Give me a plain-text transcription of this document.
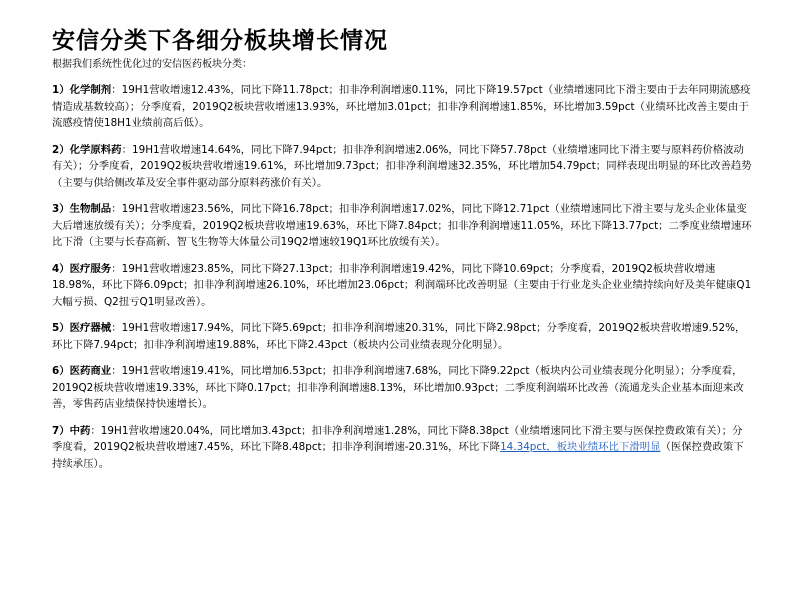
安信分类下各细分板块增长情况
根据我们系统性优化过的安信医药板块分类：
1）化学制剂：19H1营收增速12.43%，同比下降11.78pct；扣非净利润增速0.11%，同比下降19.57pct（业绩增速同比下滑主要由于去年同期流感疫情造成基数较高）；分季度看，2019Q2板块营收增速13.93%，环比增加3.01pct；扣非净利润增速1.85%，环比增加3.59pct（业绩环比改善主要由于流感疫情使18H1业绩前高后低）。
2）化学原料药：19H1营收增速14.64%，同比下降7.94pct；扣非净利润增速2.06%，同比下降57.78pct（业绩增速同比下滑主要与原料药价格波动有关）；分季度看，2019Q2板块营收增速19.61%，环比增加9.73pct；扣非净利润增速32.35%，环比增加54.79pct；同样表现出明显的环比改善趋势（主要与供给侧改革及安全事件驱动部分原料药涨价有关）。
3）生物制品：19H1营收增速23.56%，同比下降16.78pct；扣非净利润增速17.02%，同比下降12.71pct（业绩增速同比下滑主要与龙头企业体量变大后增速放缓有关）；分季度看，2019Q2板块营收增速19.63%，环比下降7.84pct；扣非净利润增速11.05%，环比下降13.77pct；二季度业绩增速环比下滑（主要与长春高新、智飞生物等大体量公司19Q2增速较19Q1环比放缓有关）。
4）医疗服务：19H1营收增速23.85%，同比下降27.13pct；扣非净利润增速19.42%，同比下降10.69pct；分季度看，2019Q2板块营收增速18.98%，环比下降6.09pct；扣非净利润增速26.10%，环比增加23.06pct；利润端环比改善明显（主要由于行业龙头企业业绩持续向好及美年健康Q1大幅亏损、Q2扭亏Q1明显改善）。
5）医疗器械：19H1营收增速17.94%，同比下降5.69pct；扣非净利润增速20.31%，同比下降2.98pct；分季度看，2019Q2板块营收增速9.52%，环比下降7.94pct；扣非净利润增速19.88%，环比下降2.43pct（板块内公司业绩表现分化明显）。
6）医药商业：19H1营收增速19.41%，同比增加6.53pct；扣非净利润增速7.68%，同比下降9.22pct（板块内公司业绩表现分化明显）；分季度看，2019Q2板块营收增速19.33%，环比下降0.17pct；扣非净利润增速8.13%，环比增加0.93pct；二季度利润端环比改善（流通龙头企业基本面迎来改善，零售药店业绩保持快速增长）。
7）中药：19H1营收增速20.04%，同比增加3.43pct；扣非净利润增速1.28%，同比下降8.38pct（业绩增速同比下滑主要与医保控费政策有关）；分季度看，2019Q2板块营收增速7.45%，环比下降8.48pct；扣非净利润增速-20.31%，环比下降14.34pct，板块业绩环比下滑明显（医保控费政策下持续承压）。
